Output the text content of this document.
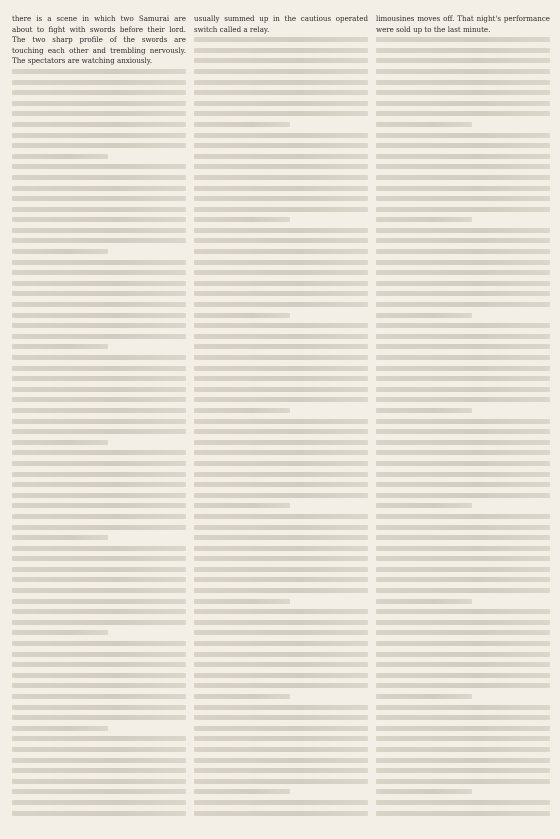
there is a scene in which two Samurai are about to fight with swords before their lord. The two sharp profile of the swords are touching each other and trembling nervously. The spectators are watching anxiously.

usually summed up in the cautious operated switch called a relay.

limousines moves off. That night's performance were sold up to the last minute.
